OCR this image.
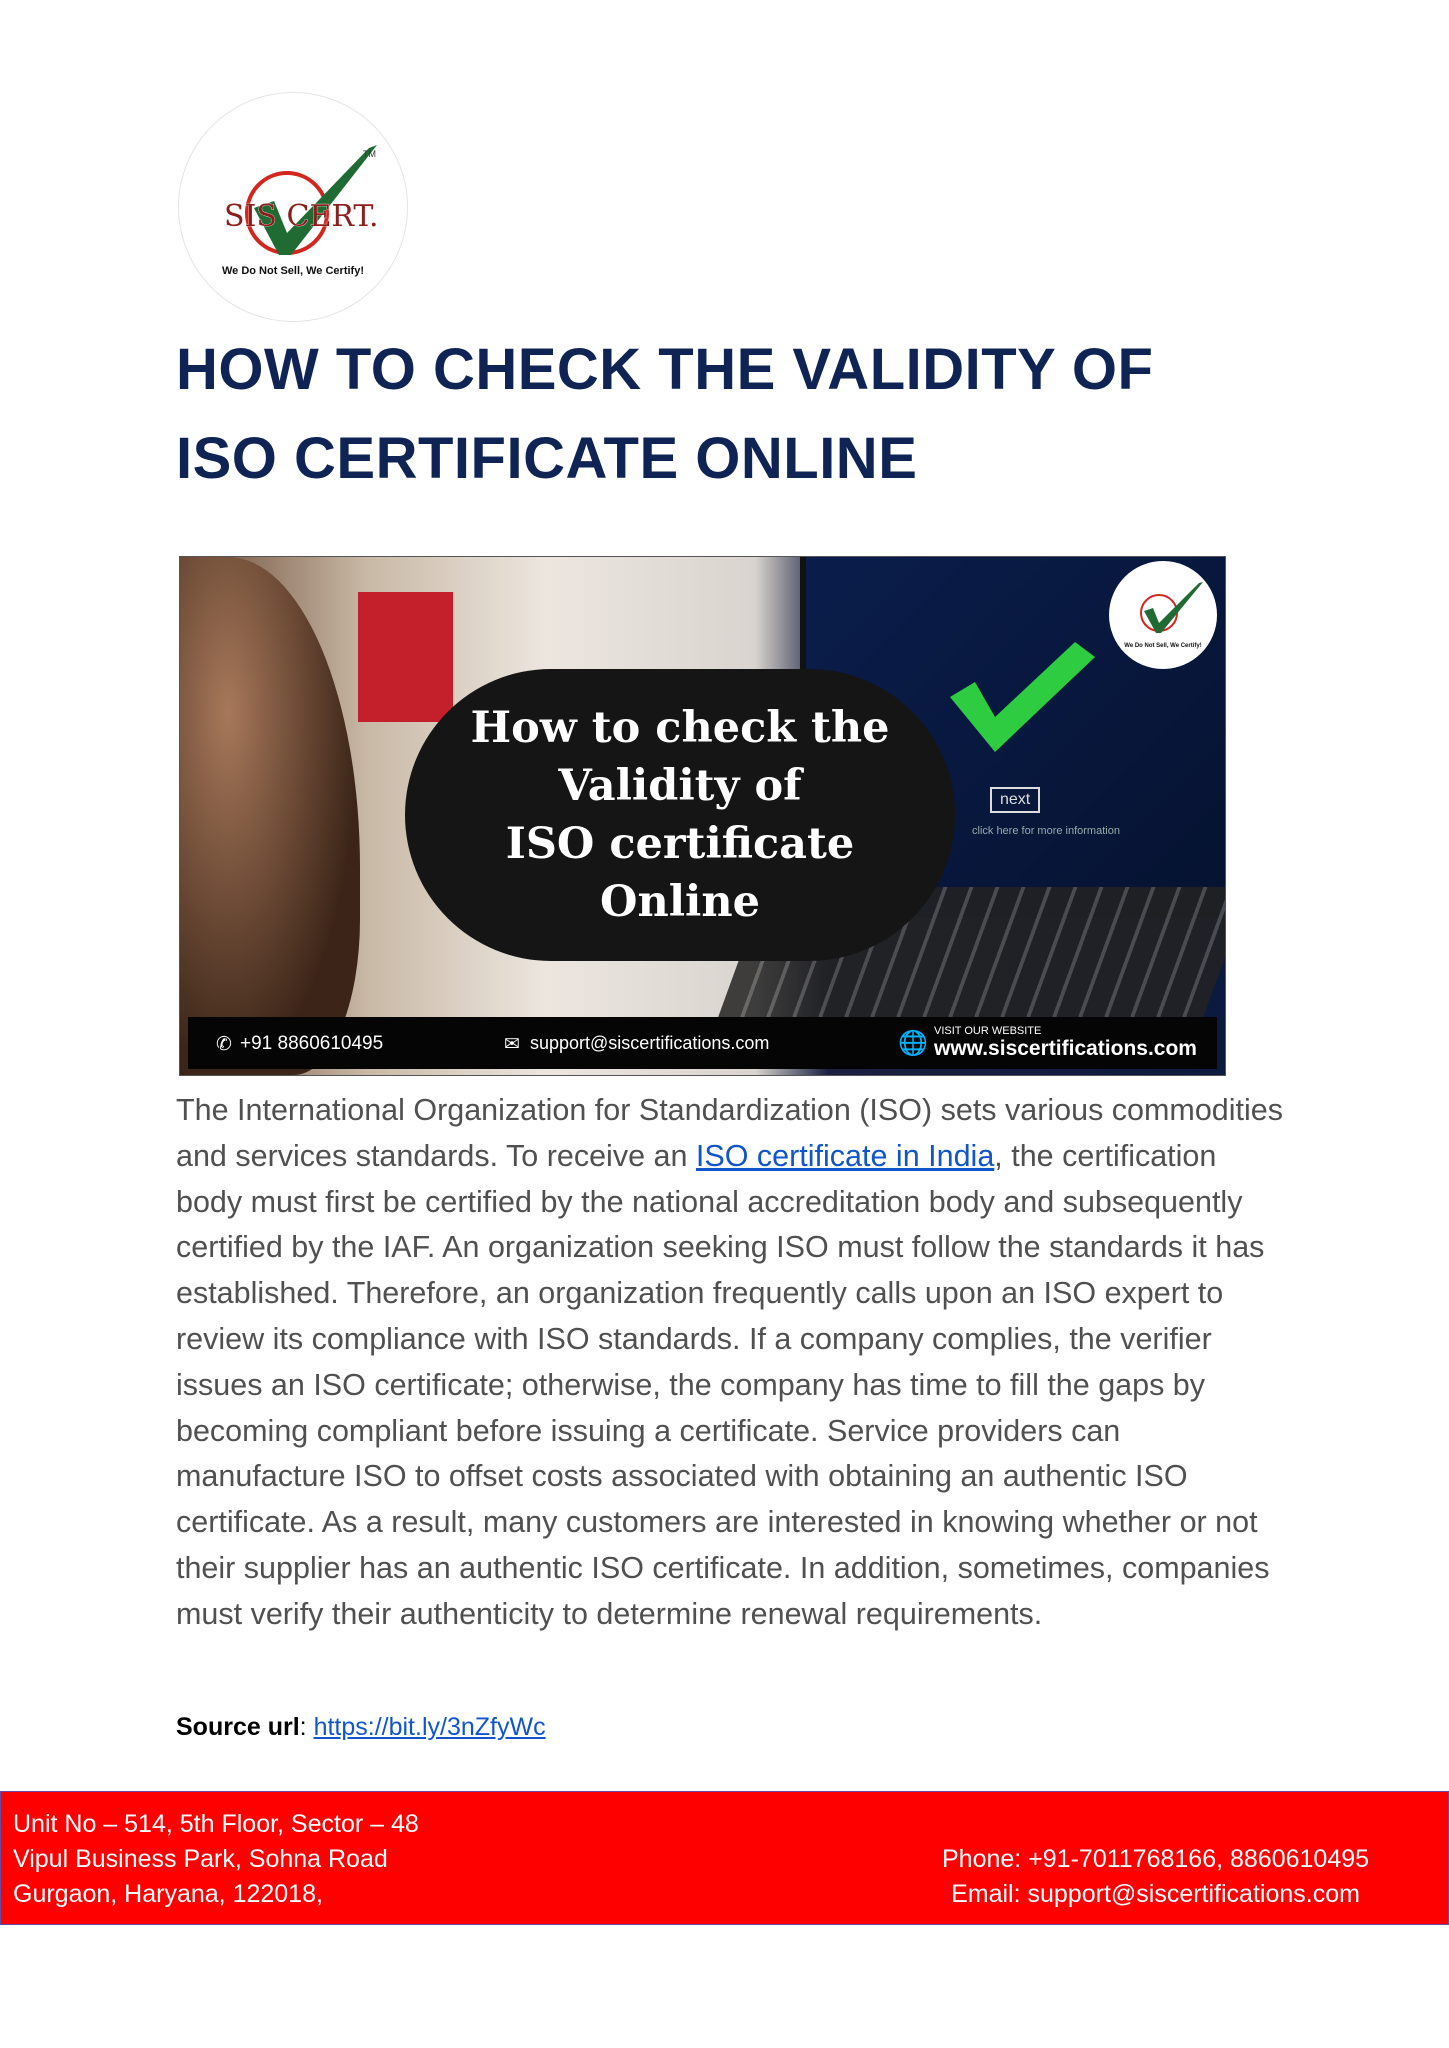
SIS CERT.
TM
We Do Not Sell, We Certify!
HOW TO CHECK THE VALIDITY OF
ISO CERTIFICATE ONLINE
next
How to check the
Validity of
ISO certificate
Online
click here for more information
We Do Not Sell, We Certify!
✆ +91 8860610495	✉ support@siscertifications.com	🌐 VISIT OUR WEBSITE
www.siscertifications.com

The International Organization for Standardization (ISO) sets various commodities and services standards. To receive an ISO certificate in India, the certification body must first be certified by the national accreditation body and subsequently certified by the IAF. An organization seeking ISO must follow the standards it has established. Therefore, an organization frequently calls upon an ISO expert to review its compliance with ISO standards. If a company complies, the verifier issues an ISO certificate; otherwise, the company has time to fill the gaps by becoming compliant before issuing a certificate. Service providers can manufacture ISO to offset costs associated with obtaining an authentic ISO certificate. As a result, many customers are interested in knowing whether or not their supplier has an authentic ISO certificate. In addition, sometimes, companies must verify their authenticity to determine renewal requirements.

Source url: https://bit.ly/3nZfyWc
Unit No – 514, 5th Floor, Sector – 48
Vipul Business Park, Sohna Road
Gurgaon, Haryana, 122018,
Phone: +91-7011768166, 8860610495
Email: support@siscertifications.com
